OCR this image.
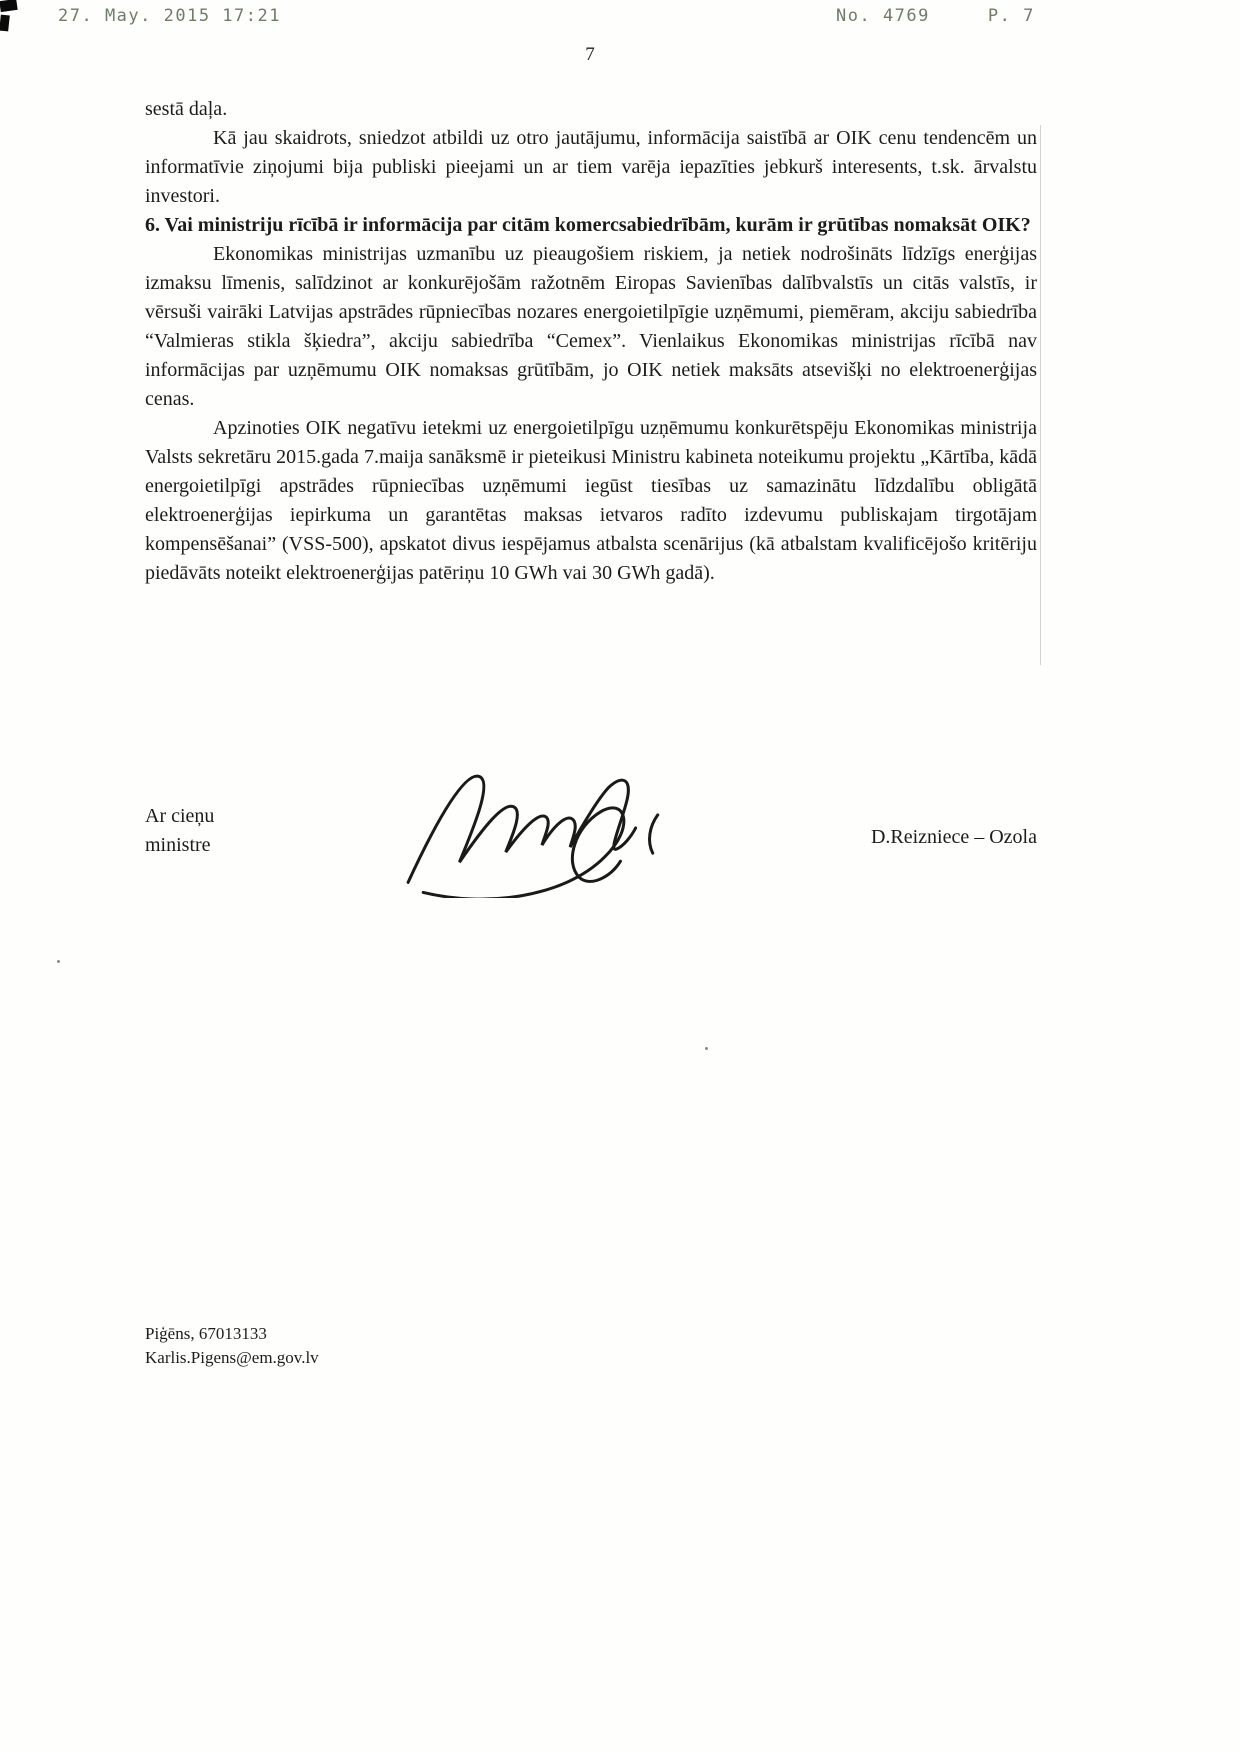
27. May. 2015 17:21	No. 4769	P. 7
7

sestā daļa.

Kā jau skaidrots, sniedzot atbildi uz otro jautājumu, informācija saistībā ar OIK cenu tendencēm un informatīvie ziņojumi bija publiski pieejami un ar tiem varēja iepazīties jebkurš interesents, t.sk. ārvalstu investori.

6. Vai ministriju rīcībā ir informācija par citām komercsabiedrībām, kurām ir grūtības nomaksāt OIK?

Ekonomikas ministrijas uzmanību uz pieaugošiem riskiem, ja netiek nodrošināts līdzīgs enerģijas izmaksu līmenis, salīdzinot ar konkurējošām ražotnēm Eiropas Savienības dalībvalstīs un citās valstīs, ir vērsuši vairāki Latvijas apstrādes rūpniecības nozares energoietilpīgie uzņēmumi, piemēram, akciju sabiedrība “Valmieras stikla šķiedra”, akciju sabiedrība “Cemex”. Vienlaikus Ekonomikas ministrijas rīcībā nav informācijas par uzņēmumu OIK nomaksas grūtībām, jo OIK netiek maksāts atsevišķi no elektroenerģijas cenas.

Apzinoties OIK negatīvu ietekmi uz energoietilpīgu uzņēmumu konkurētspēju Ekonomikas ministrija Valsts sekretāru 2015.gada 7.maija sanāksmē ir pieteikusi Ministru kabineta noteikumu projektu „Kārtība, kādā energoietilpīgi apstrādes rūpniecības uzņēmumi iegūst tiesības uz samazinātu līdzdalību obligātā elektroenerģijas iepirkuma un garantētas maksas ietvaros radīto izdevumu publiskajam tirgotājam kompensēšanai” (VSS-500), apskatot divus iespējamus atbalsta scenārijus (kā atbalstam kvalificējošo kritēriju piedāvāts noteikt elektroenerģijas patēriņu 10 GWh vai 30 GWh gadā).

Ar cieņu
ministre	D.Reizniece – Ozola
Piģēns, 67013133
Karlis.Pigens@em.gov.lv
